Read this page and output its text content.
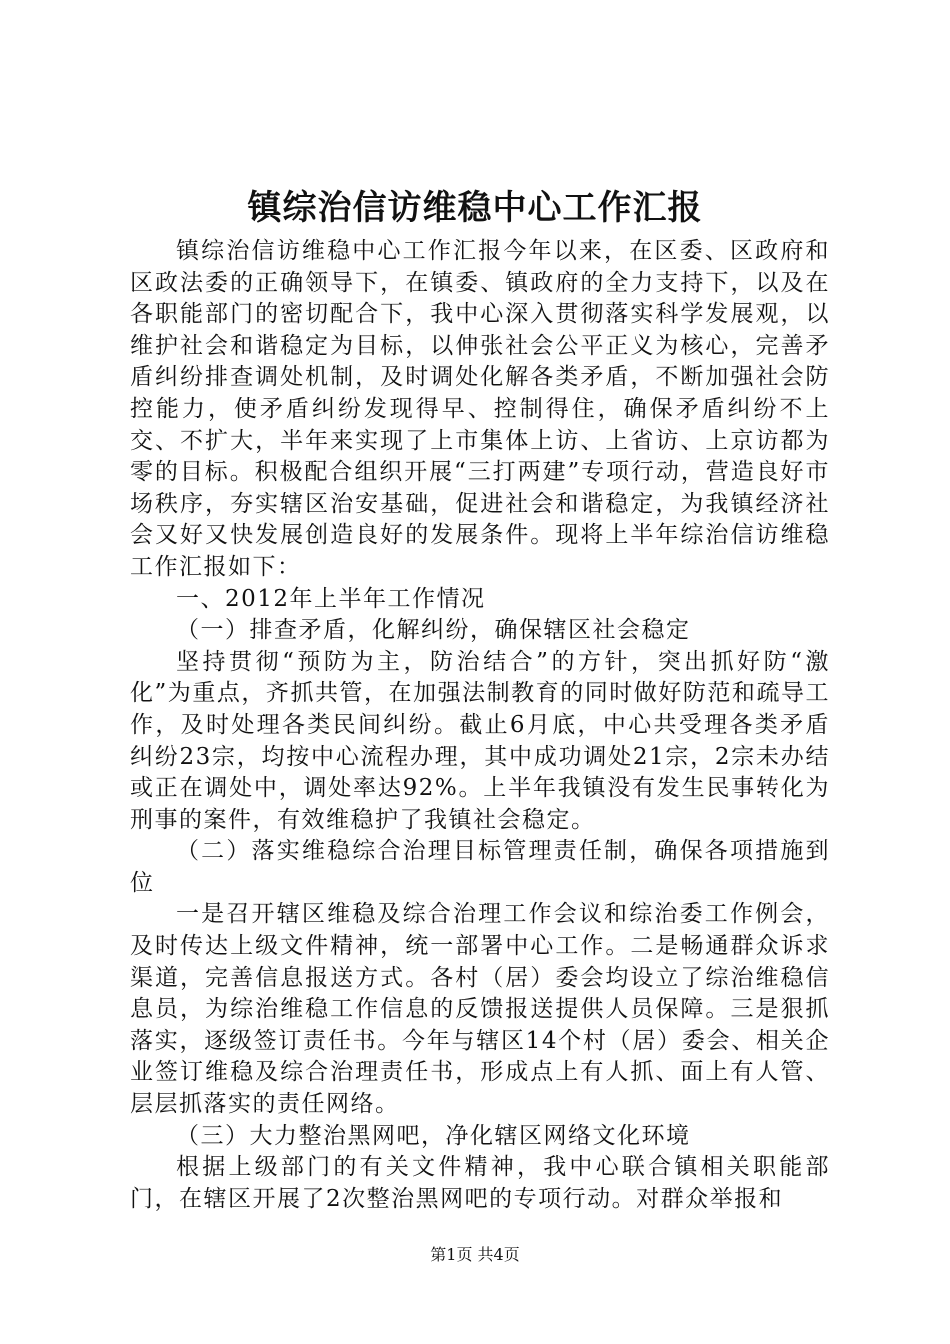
镇综治信访维稳中心工作汇报

镇综治信访维稳中心工作汇报今年以来，在区委、区政府和区政法委的正确领导下，在镇委、镇政府的全力支持下，以及在各职能部门的密切配合下，我中心深入贯彻落实科学发展观，以维护社会和谐稳定为目标，以伸张社会公平正义为核心，完善矛盾纠纷排查调处机制，及时调处化解各类矛盾，不断加强社会防控能力，使矛盾纠纷发现得早、控制得住，确保矛盾纠纷不上交、不扩大，半年来实现了上市集体上访、上省访、上京访都为零的目标。积极配合组织开展“三打两建”专项行动，营造良好市场秩序，夯实辖区治安基础，促进社会和谐稳定，为我镇经济社会又好又快发展创造良好的发展条件。现将上半年综治信访维稳工作汇报如下：

一、2012年上半年工作情况

（一）排查矛盾，化解纠纷，确保辖区社会稳定

坚持贯彻“预防为主，防治结合”的方针，突出抓好防“激化”为重点，齐抓共管，在加强法制教育的同时做好防范和疏导工作，及时处理各类民间纠纷。截止6月底，中心共受理各类矛盾纠纷23宗，均按中心流程办理，其中成功调处21宗，2宗未办结或正在调处中，调处率达92%。上半年我镇没有发生民事转化为刑事的案件，有效维稳护了我镇社会稳定。

（二）落实维稳综合治理目标管理责任制，确保各项措施到位

一是召开辖区维稳及综合治理工作会议和综治委工作例会，及时传达上级文件精神，统一部署中心工作。二是畅通群众诉求渠道，完善信息报送方式。各村（居）委会均设立了综治维稳信息员，为综治维稳工作信息的反馈报送提供人员保障。三是狠抓落实，逐级签订责任书。今年与辖区14个村（居）委会、相关企业签订维稳及综合治理责任书，形成点上有人抓、面上有人管、层层抓落实的责任网络。

（三）大力整治黑网吧，净化辖区网络文化环境

根据上级部门的有关文件精神，我中心联合镇相关职能部门，在辖区开展了2次整治黑网吧的专项行动。对群众举报和

第1页 共4页
